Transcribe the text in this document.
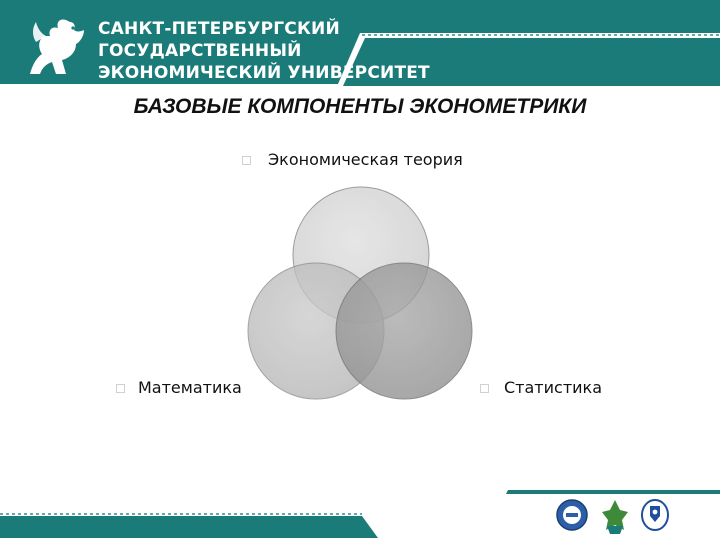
САНКТ-ПЕТЕРБУРГСКИЙ
ГОСУДАРСТВЕННЫЙ
ЭКОНОМИЧЕСКИЙ УНИВЕРСИТЕТ
БАЗОВЫЕ КОМПОНЕНТЫ ЭКОНОМЕТРИКИ
Экономическая теория
Математика	Статистика
